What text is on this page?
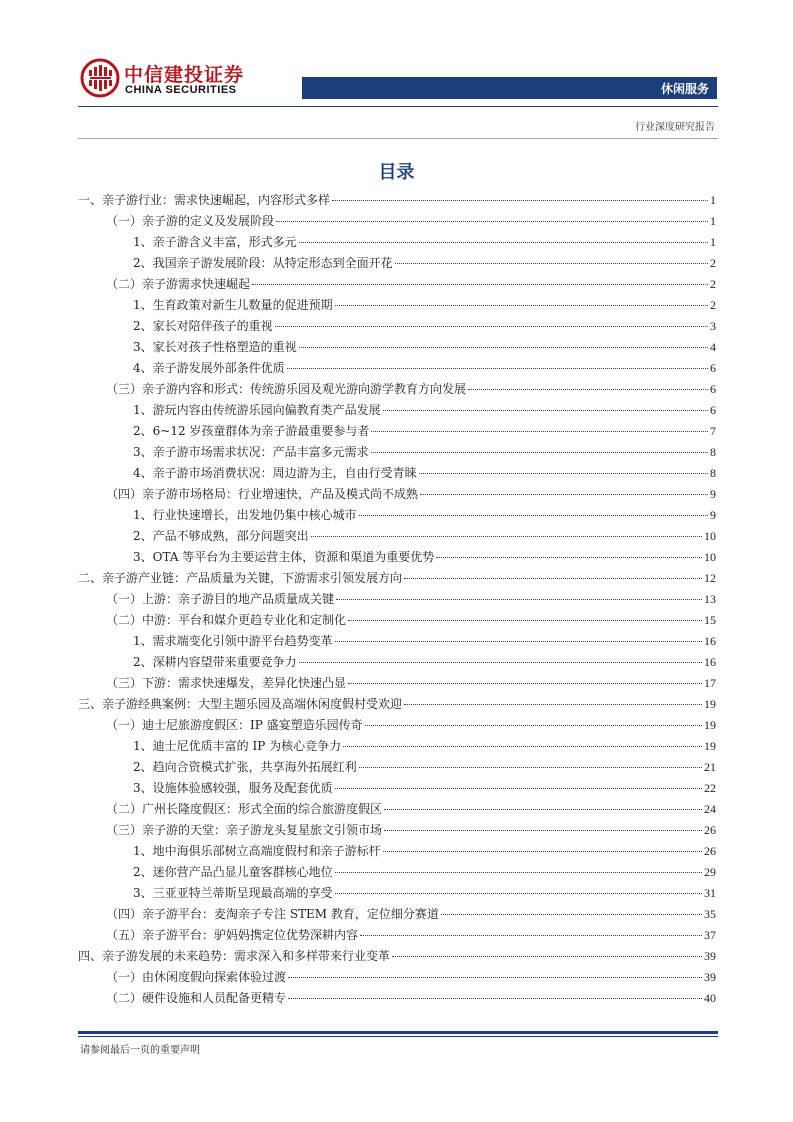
中信建投证券
CHINA SECURITIES	休闲服务
行业深度研究报告
目录
一、亲子游行业：需求快速崛起，内容形式多样	1
（一）亲子游的定义及发展阶段	1
1、亲子游含义丰富，形式多元	1
2、我国亲子游发展阶段：从特定形态到全面开花	2
（二）亲子游需求快速崛起	2
1、生育政策对新生儿数量的促进预期	2
2、家长对陪伴孩子的重视	3
3、家长对孩子性格塑造的重视	4
4、亲子游发展外部条件优质	6
（三）亲子游内容和形式：传统游乐园及观光游向游学教育方向发展	6
1、游玩内容由传统游乐园向偏教育类产品发展	6
2、6~12 岁孩童群体为亲子游最重要参与者	7
3、亲子游市场需求状况：产品丰富多元需求	8
4、亲子游市场消费状况：周边游为主，自由行受青睐	8
（四）亲子游市场格局：行业增速快，产品及模式尚不成熟	9
1、行业快速增长，出发地仍集中核心城市	9
2、产品不够成熟，部分问题突出	10
3、OTA 等平台为主要运营主体，资源和渠道为重要优势	10
二、亲子游产业链：产品质量为关键，下游需求引领发展方向	12
（一）上游：亲子游目的地产品质量成关键	13
（二）中游：平台和媒介更趋专业化和定制化	15
1、需求端变化引领中游平台趋势变革	16
2、深耕内容望带来重要竞争力	16
（三）下游：需求快速爆发，差异化快速凸显	17
三、亲子游经典案例：大型主题乐园及高端休闲度假村受欢迎	19
（一）迪士尼旅游度假区：IP 盛宴塑造乐园传奇	19
1、迪士尼优质丰富的 IP 为核心竞争力	19
2、趋向合资模式扩张，共享海外拓展红利	21
3、设施体验感较强，服务及配套优质	22
（二）广州长隆度假区：形式全面的综合旅游度假区	24
（三）亲子游的天堂：亲子游龙头复星旅文引领市场	26
1、地中海俱乐部树立高端度假村和亲子游标杆	26
2、迷你营产品凸显儿童客群核心地位	29
3、三亚亚特兰蒂斯呈现最高端的享受	31
（四）亲子游平台：麦淘亲子专注 STEM 教育，定位细分赛道	35
（五）亲子游平台：驴妈妈携定位优势深耕内容	37
四、亲子游发展的未来趋势：需求深入和多样带来行业变革	39
（一）由休闲度假向探索体验过渡	39
（二）硬件设施和人员配备更精专	40
请参阅最后一页的重要声明
